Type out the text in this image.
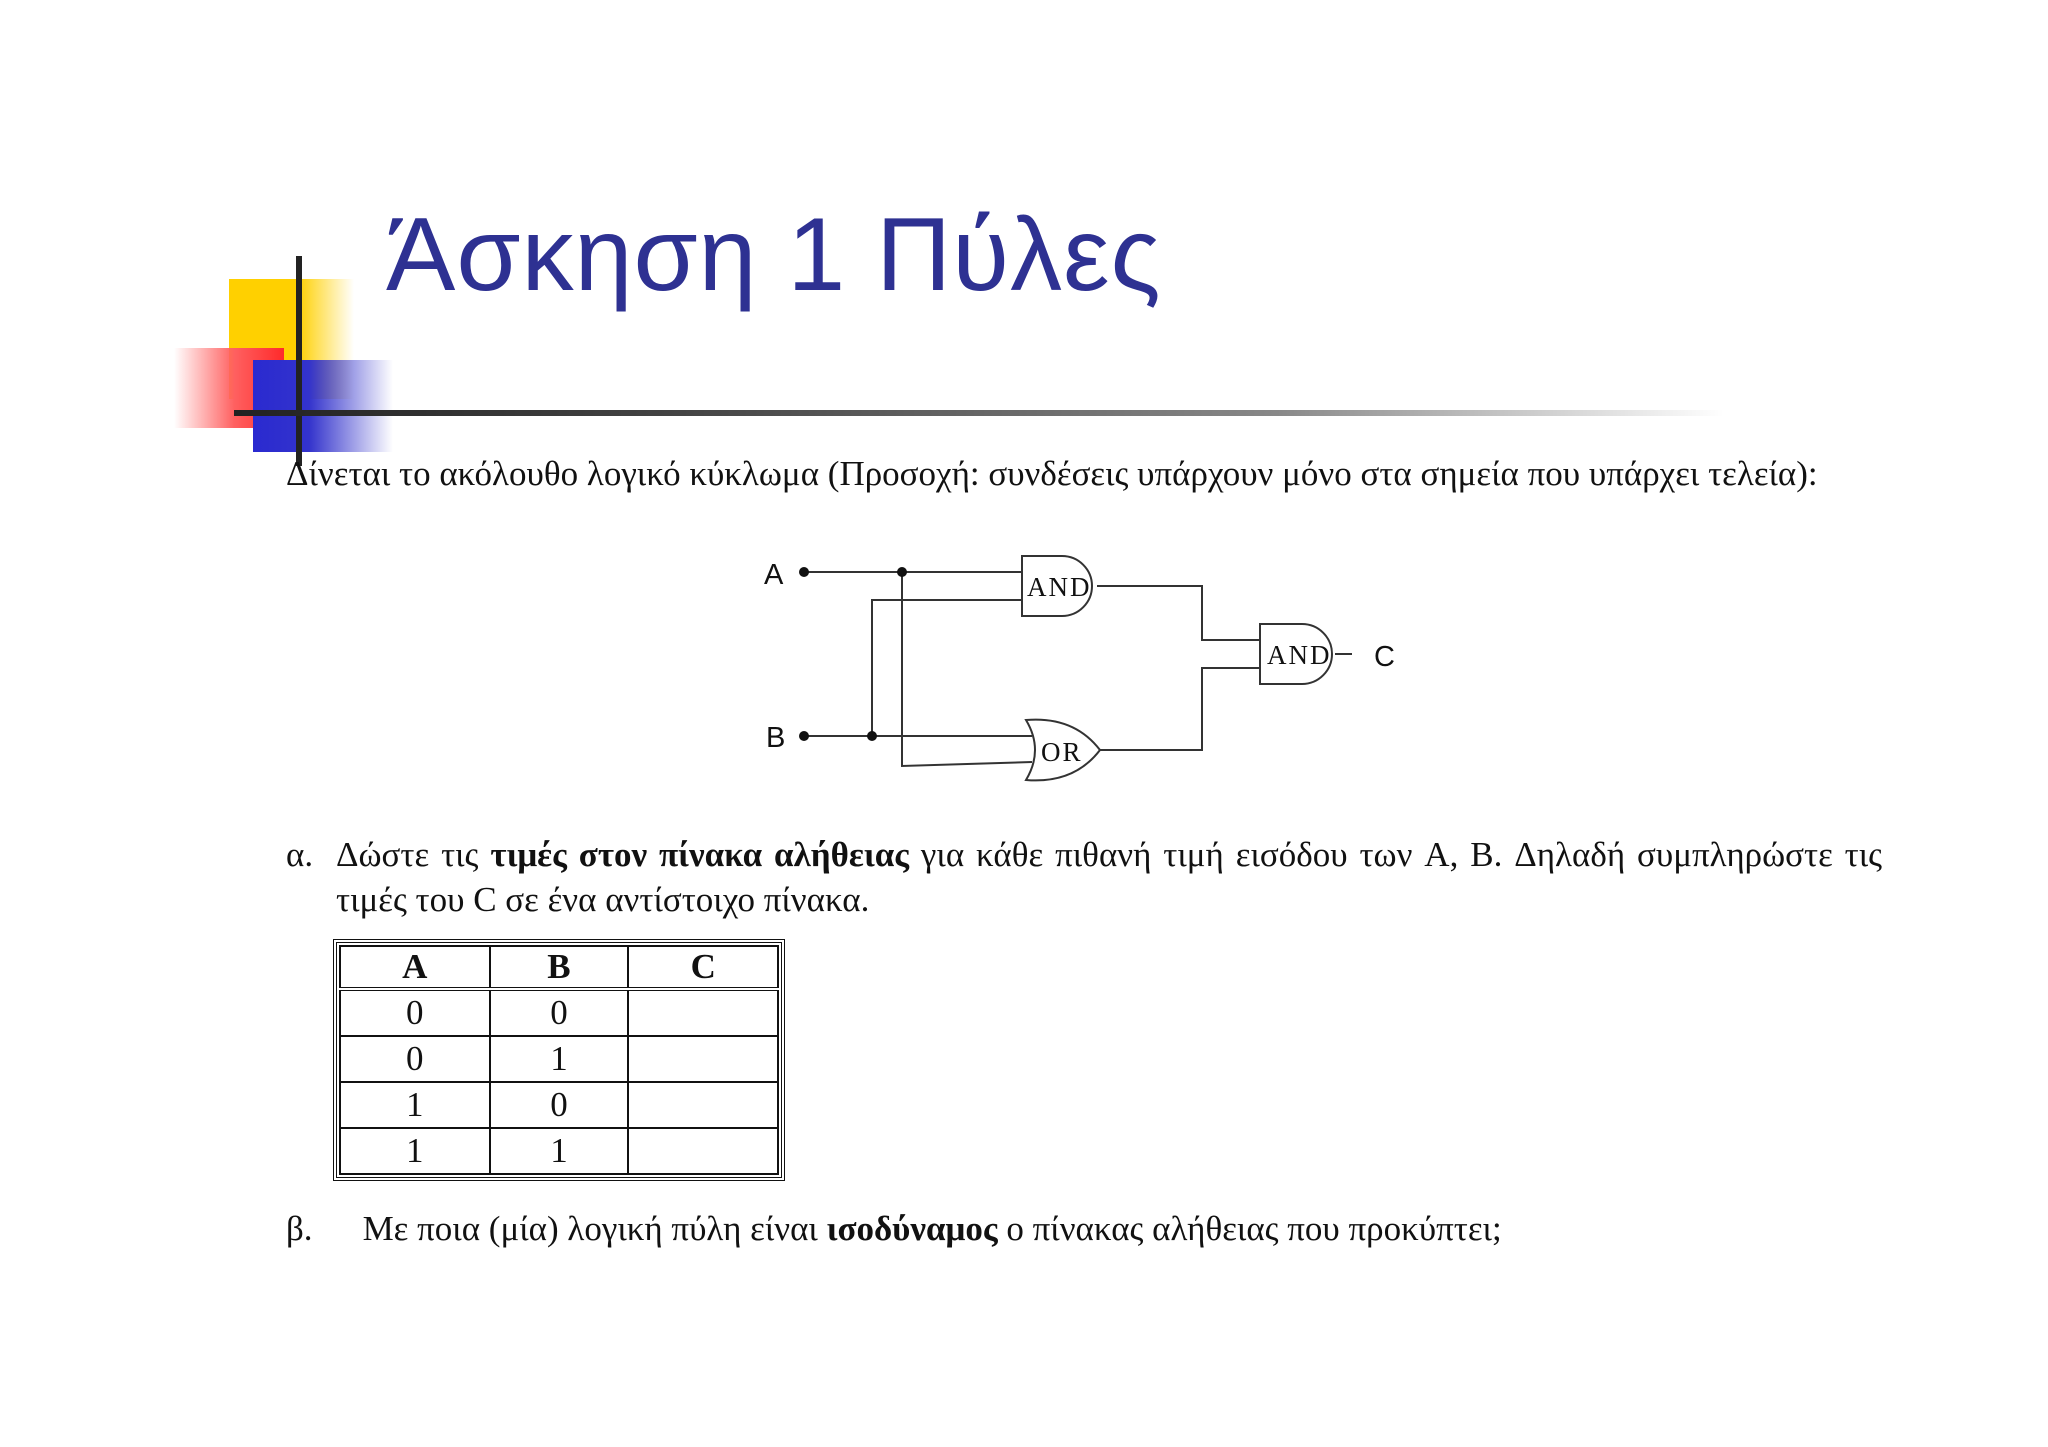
Άσκηση 1 Πύλες
Δίνεται το ακόλουθο λογικό κύκλωμα (Προσοχή: συνδέσεις υπάρχουν μόνο στα σημεία που υπάρχει τελεία):
A
B
C
AND
AND
OR
α. Δώστε τις τιμές στον πίνακα αλήθειας για κάθε πιθανή τιμή εισόδου των A, B. Δηλαδή συμπληρώστε τις τιμές του C σε ένα αντίστοιχο πίνακα.
A	B	C
0	0	
0	1	
1	0	
1	1	
β. Με ποια (μία) λογική πύλη είναι ισοδύναμος ο πίνακας αλήθειας που προκύπτει;
